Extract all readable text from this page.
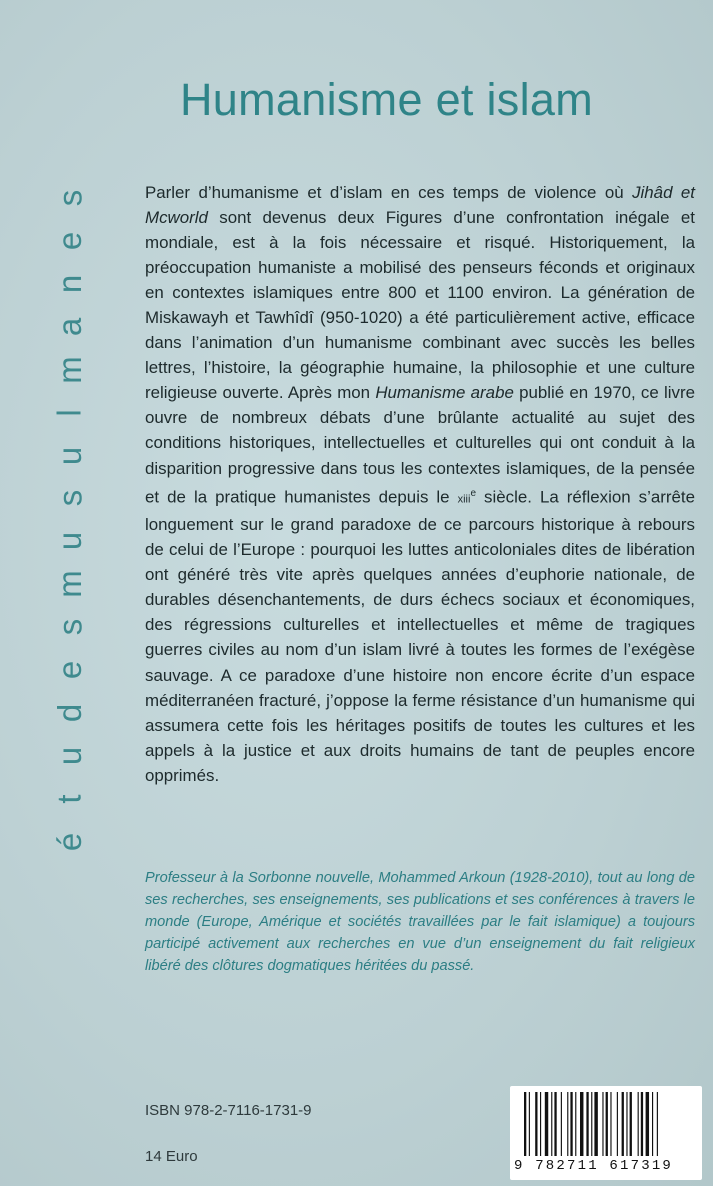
é
t
u
d
e
s
m
u
s
u
l
m
a
n
e
s
Humanisme et islam

Parler d’humanisme et d’islam en ces temps de violence où Jihâd et Mcworld sont devenus deux Figures d’une confrontation inégale et mondiale, est à la fois nécessaire et risqué. Historiquement, la préoccupation humaniste a mobilisé des penseurs féconds et originaux en contextes islamiques entre 800 et 1100 environ. La génération de Miskawayh et Tawhîdî (950-1020) a été particulièrement active, efficace dans l’animation d’un humanisme combinant avec succès les belles lettres, l’histoire, la géographie humaine, la philosophie et une culture religieuse ouverte. Après mon Humanisme arabe publié en 1970, ce livre ouvre de nombreux débats d’une brûlante actualité au sujet des conditions historiques, intellectuelles et culturelles qui ont conduit à la disparition progressive dans tous les contextes islamiques, de la pensée et de la pratique humanistes depuis le xiii$^e$ siècle. La réflexion s’arrête longuement sur le grand paradoxe de ce parcours historique à rebours de celui de l’Europe : pourquoi les luttes anticoloniales dites de libération ont généré très vite après quelques années d’euphorie nationale, de durables désenchantements, de durs échecs sociaux et économiques, des régressions culturelles et intellectuelles et même de tragiques guerres civiles au nom d’un islam livré à toutes les formes de l’exégèse sauvage. A ce paradoxe d’une histoire non encore écrite d’un espace méditerranéen fracturé, j’oppose la ferme résistance d’un humanisme qui assumera cette fois les héritages positifs de toutes les cultures et les appels à la justice et aux droits humains de tant de peuples encore opprimés.

Professeur à la Sorbonne nouvelle, Mohammed Arkoun (1928-2010), tout au long de ses recherches, ses enseignements, ses publications et ses conférences à travers le monde (Europe, Amérique et sociétés travaillées par le fait islamique) a toujours participé activement aux recherches en vue d’un enseignement du fait religieux libéré des clôtures dogmatiques héritées du passé.

ISBN 978-2-7116-1731-9
14 Euro
9 782711 617319
